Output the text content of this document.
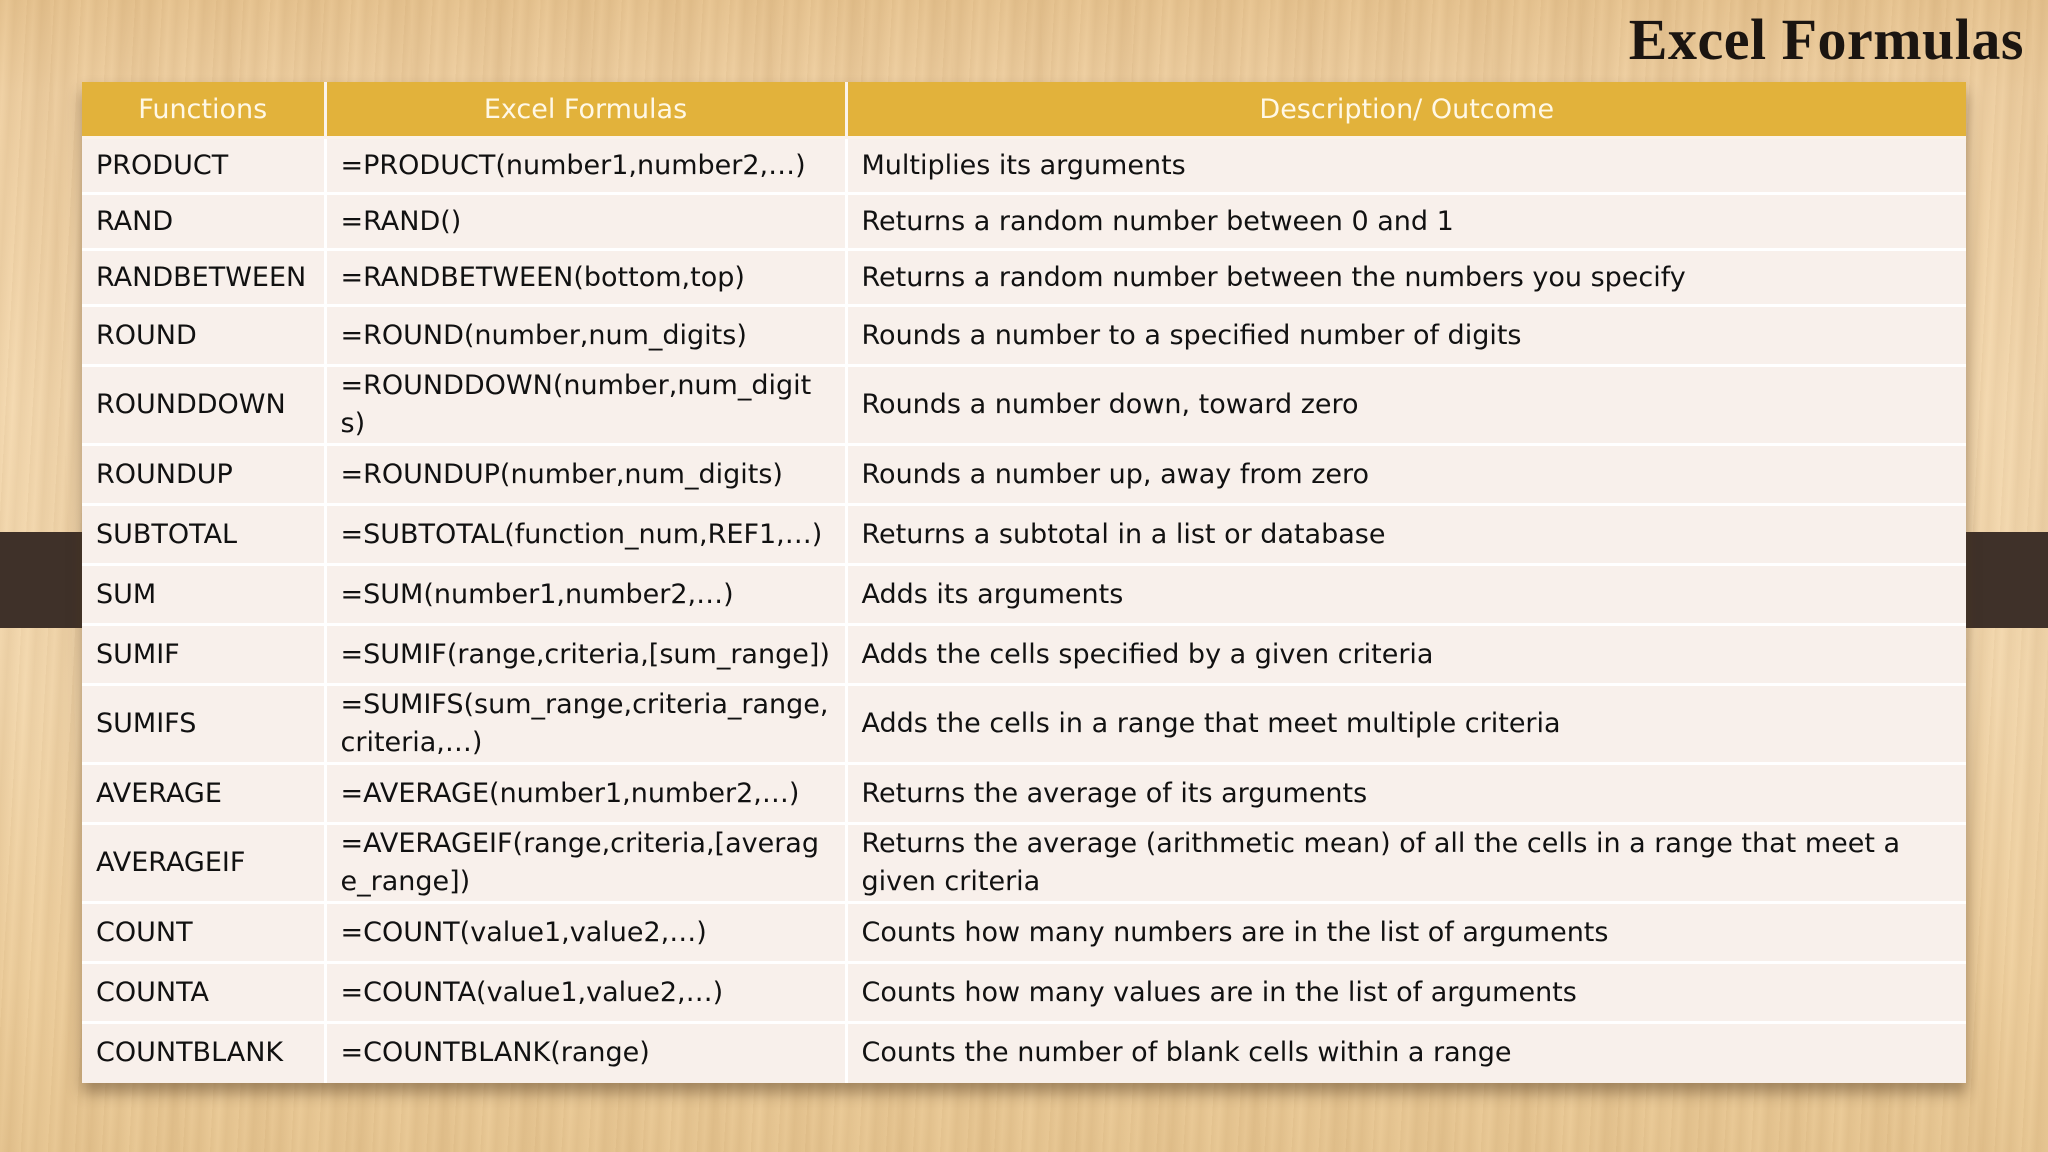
Excel Formulas
Functions	Excel Formulas	Description/ Outcome
PRODUCT	=PRODUCT(number1,number2,…)	Multiplies its arguments
RAND	=RAND()	Returns a random number between 0 and 1
RANDBETWEEN	=RANDBETWEEN(bottom,top)	Returns a random number between the numbers you specify
ROUND	=ROUND(number,num_digits)	Rounds a number to a specified number of digits
ROUNDDOWN	=ROUNDDOWN(number,num_digits)	Rounds a number down, toward zero
ROUNDUP	=ROUNDUP(number,num_digits)	Rounds a number up, away from zero
SUBTOTAL	=SUBTOTAL(function_num,REF1,…)	Returns a subtotal in a list or database
SUM	=SUM(number1,number2,…)	Adds its arguments
SUMIF	=SUMIF(range,criteria,[sum_range])	Adds the cells specified by a given criteria
SUMIFS	=SUMIFS(sum_range,criteria_range,criteria,…)	Adds the cells in a range that meet multiple criteria
AVERAGE	=AVERAGE(number1,number2,…)	Returns the average of its arguments
AVERAGEIF	=AVERAGEIF(range,criteria,[average_range])	Returns the average (arithmetic mean) of all the cells in a range that meet a given criteria
COUNT	=COUNT(value1,value2,…)	Counts how many numbers are in the list of arguments
COUNTA	=COUNTA(value1,value2,…)	Counts how many values are in the list of arguments
COUNTBLANK	=COUNTBLANK(range)	Counts the number of blank cells within a range
